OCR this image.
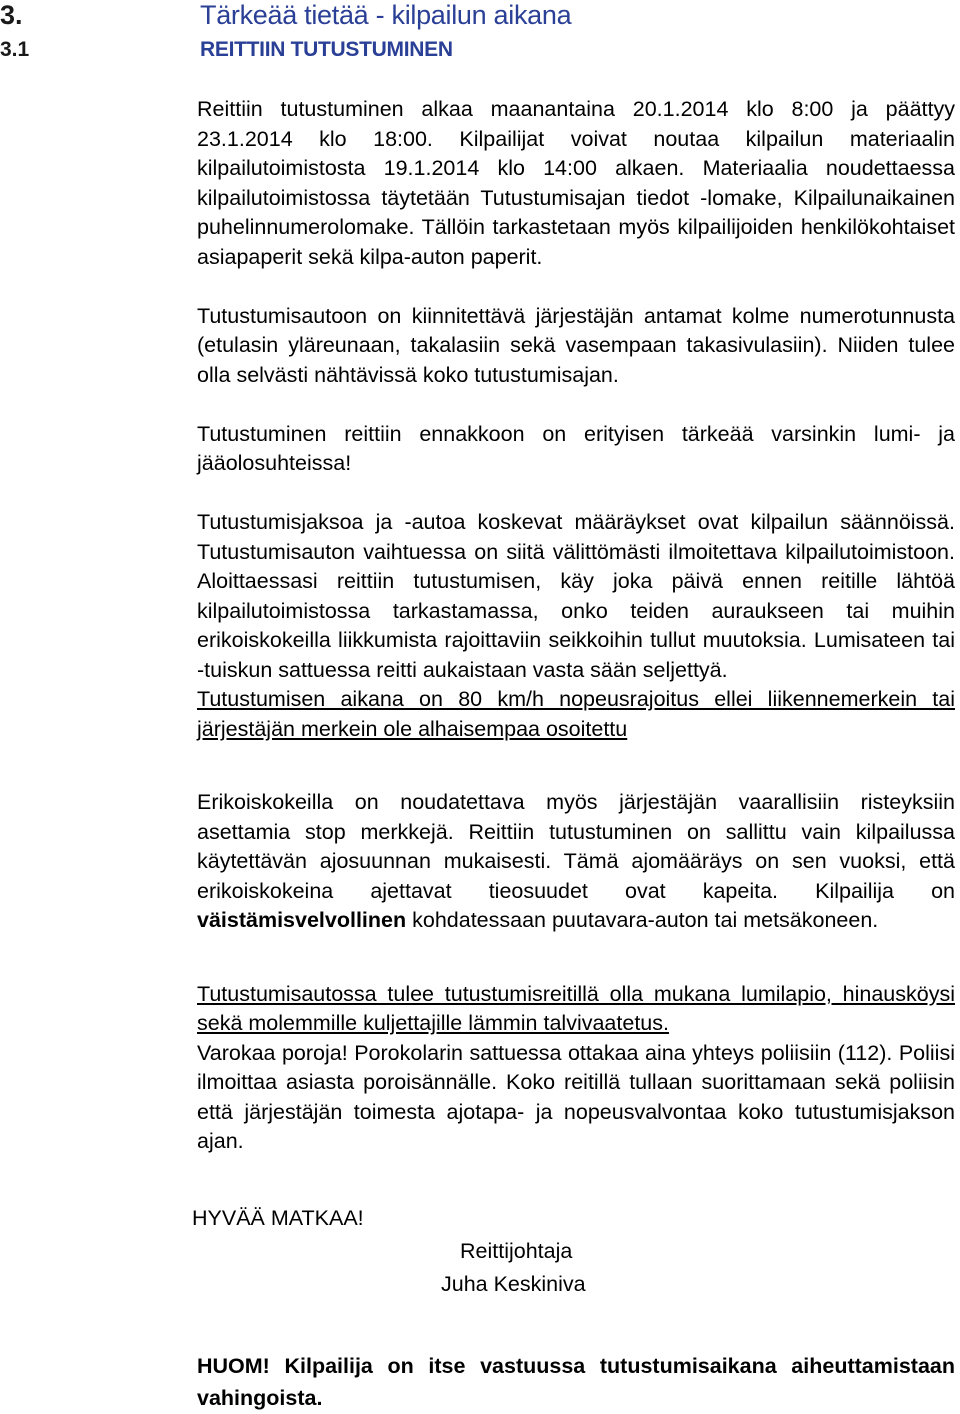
3.	Tärkeää tietää - kilpailun aikana
3.1	REITTIIN TUTUSTUMINEN

Reittiin tutustuminen alkaa maanantaina 20.1.2014 klo 8:00 ja päättyy 23.1.2014 klo 18:00. Kilpailijat voivat noutaa kilpailun materiaalin kilpailutoimistosta 19.1.2014 klo 14:00 alkaen. Materiaalia noudettaessa kilpailutoimistossa täytetään Tutustumisajan tiedot -lomake, Kilpailunaikainen puhelinnumerolomake. Tällöin tarkastetaan myös kilpailijoiden henkilökohtaiset asiapaperit sekä kilpa-auton paperit.

Tutustumisautoon on kiinnitettävä järjestäjän antamat kolme numerotunnusta (etulasin yläreunaan, takalasiin sekä vasempaan takasivulasiin). Niiden tulee olla selvästi nähtävissä koko tutustumisajan.

Tutustuminen reittiin ennakkoon on erityisen tärkeää varsinkin lumi- ja jääolosuhteissa!

Tutustumisjaksoa ja -autoa koskevat määräykset ovat kilpailun säännöissä. Tutustumisauton vaihtuessa on siitä välittömästi ilmoitettava kilpailutoimistoon. Aloittaessasi reittiin tutustumisen, käy joka päivä ennen reitille lähtöä kilpailutoimistossa tarkastamassa, onko teiden auraukseen tai muihin erikoiskokeilla liikkumista rajoittaviin seikkoihin tullut muutoksia. Lumisateen tai -tuiskun sattuessa reitti aukaistaan vasta sään seljettyä.

Tutustumisen aikana on 80 km/h nopeusrajoitus ellei liikennemerkein tai järjestäjän merkein ole alhaisempaa osoitettu

Erikoiskokeilla on noudatettava myös järjestäjän vaarallisiin risteyksiin asettamia stop merkkejä. Reittiin tutustuminen on sallittu vain kilpailussa käytettävän ajosuunnan mukaisesti. Tämä ajomääräys on sen vuoksi, että erikoiskokeina ajettavat tieosuudet ovat kapeita. Kilpailija on väistämisvelvollinen kohdatessaan puutavara-auton tai metsäkoneen.

Tutustumisautossa tulee tutustumisreitillä olla mukana lumilapio, hinausköysi sekä molemmille kuljettajille lämmin talvivaatetus.

Varokaa poroja! Porokolarin sattuessa ottakaa aina yhteys poliisiin (112). Poliisi ilmoittaa asiasta poroisännälle. Koko reitillä tullaan suorittamaan sekä poliisin että järjestäjän toimesta ajotapa- ja nopeusvalvontaa koko tutustumisjakson ajan.

HYVÄÄ MATKAA!
Reittijohtaja
Juha Keskiniva

HUOM! Kilpailija on itse vastuussa tutustumisaikana aiheuttamistaan vahingoista.
